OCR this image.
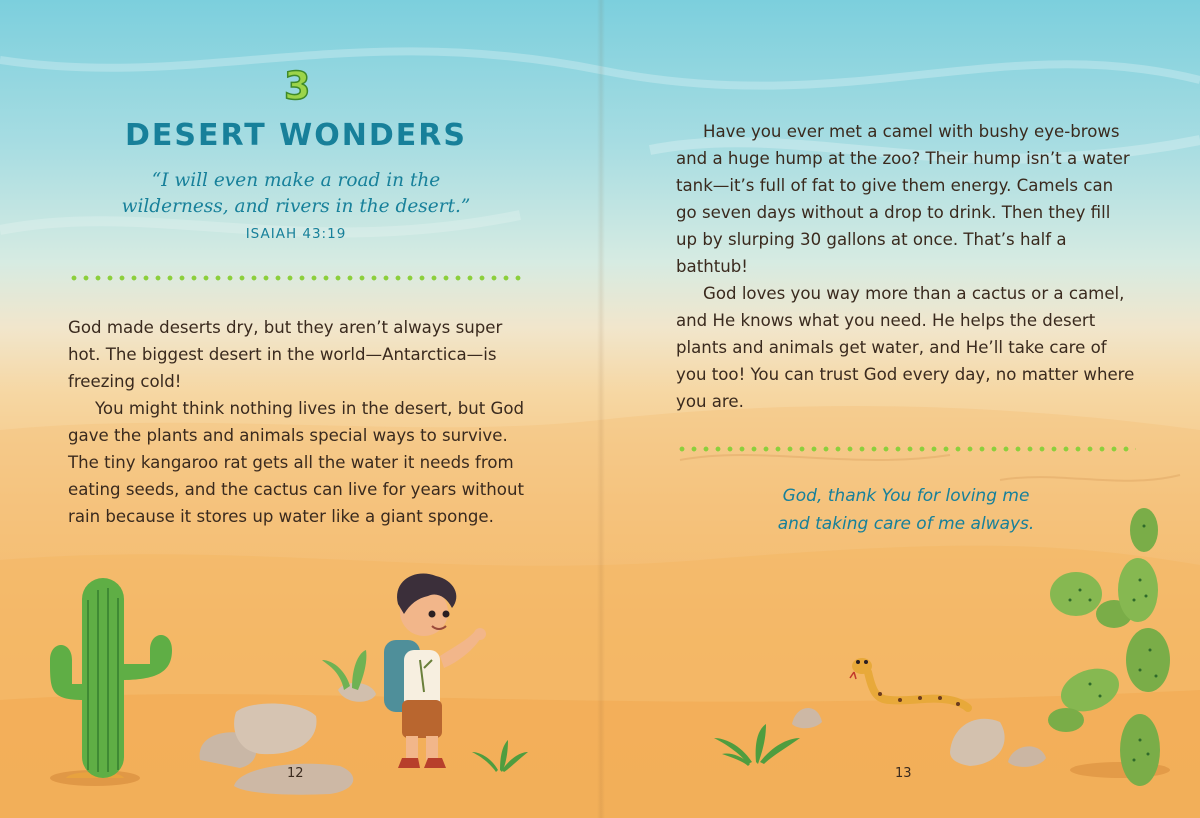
3
DESERT WONDERS
“I will even make a road in the
wilderness, and rivers in the desert.”
ISAIAH 43:19

God made deserts dry, but they aren’t always super hot. The biggest desert in the world—Antarctica—is freezing cold!

You might think nothing lives in the desert, but God gave the plants and animals special ways to survive. The tiny kangaroo rat gets all the water it needs from eating seeds, and the cactus can live for years without rain because it stores up water like a giant sponge.

12

Have you ever met a camel with bushy eye-brows and a huge hump at the zoo? Their hump isn’t a water tank—it’s full of fat to give them energy. Camels can go seven days without a drop to drink. Then they fill up by slurping 30 gallons at once. That’s half a bathtub!

God loves you way more than a cactus or a camel, and He knows what you need. He helps the desert plants and animals get water, and He’ll take care of you too! You can trust God every day, no matter where you are.

God, thank You for loving me
and taking care of me always.
13
